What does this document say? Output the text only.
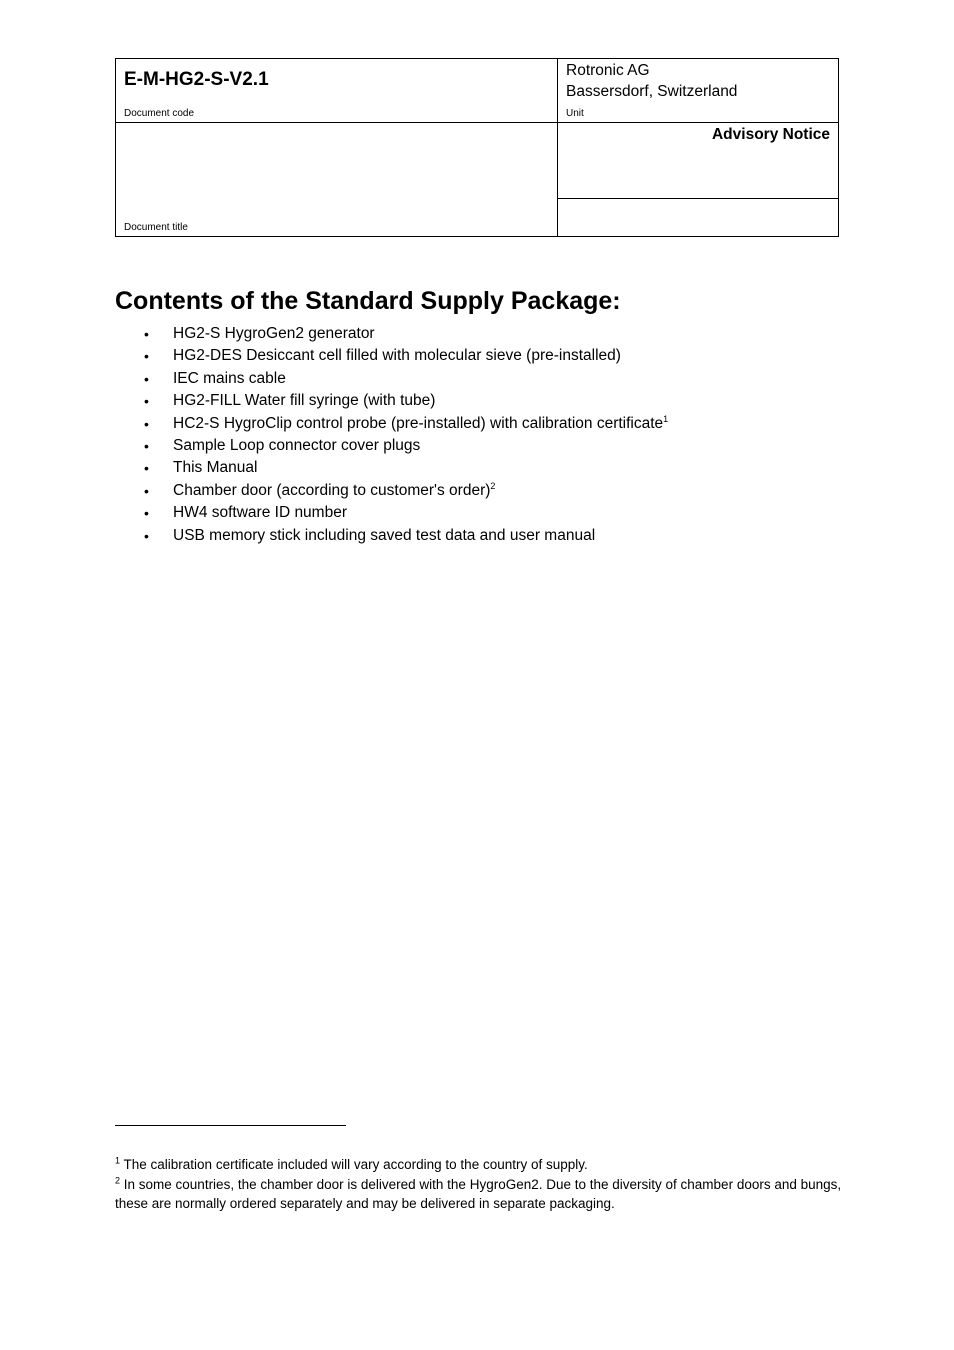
E-M-HG2-S-V2.1
Document code
Rotronic AG
Bassersdorf, Switzerland
Unit
Document title
Advisory Notice
Contents of the Standard Supply Package:
• HG2-S HygroGen2 generator
• HG2-DES Desiccant cell filled with molecular sieve (pre-installed)
• IEC mains cable
• HG2-FILL Water fill syringe (with tube)
• HC2-S HygroClip control probe (pre-installed) with calibration certificate$^1$
• Sample Loop connector cover plugs
• This Manual
• Chamber door (according to customer's order)$^2$
• HW4 software ID number
• USB memory stick including saved test data and user manual

$^1$ The calibration certificate included will vary according to the country of supply.

$^2$ In some countries, the chamber door is delivered with the HygroGen2. Due to the diversity of chamber doors and bungs, these are normally ordered separately and may be delivered in separate packaging.
